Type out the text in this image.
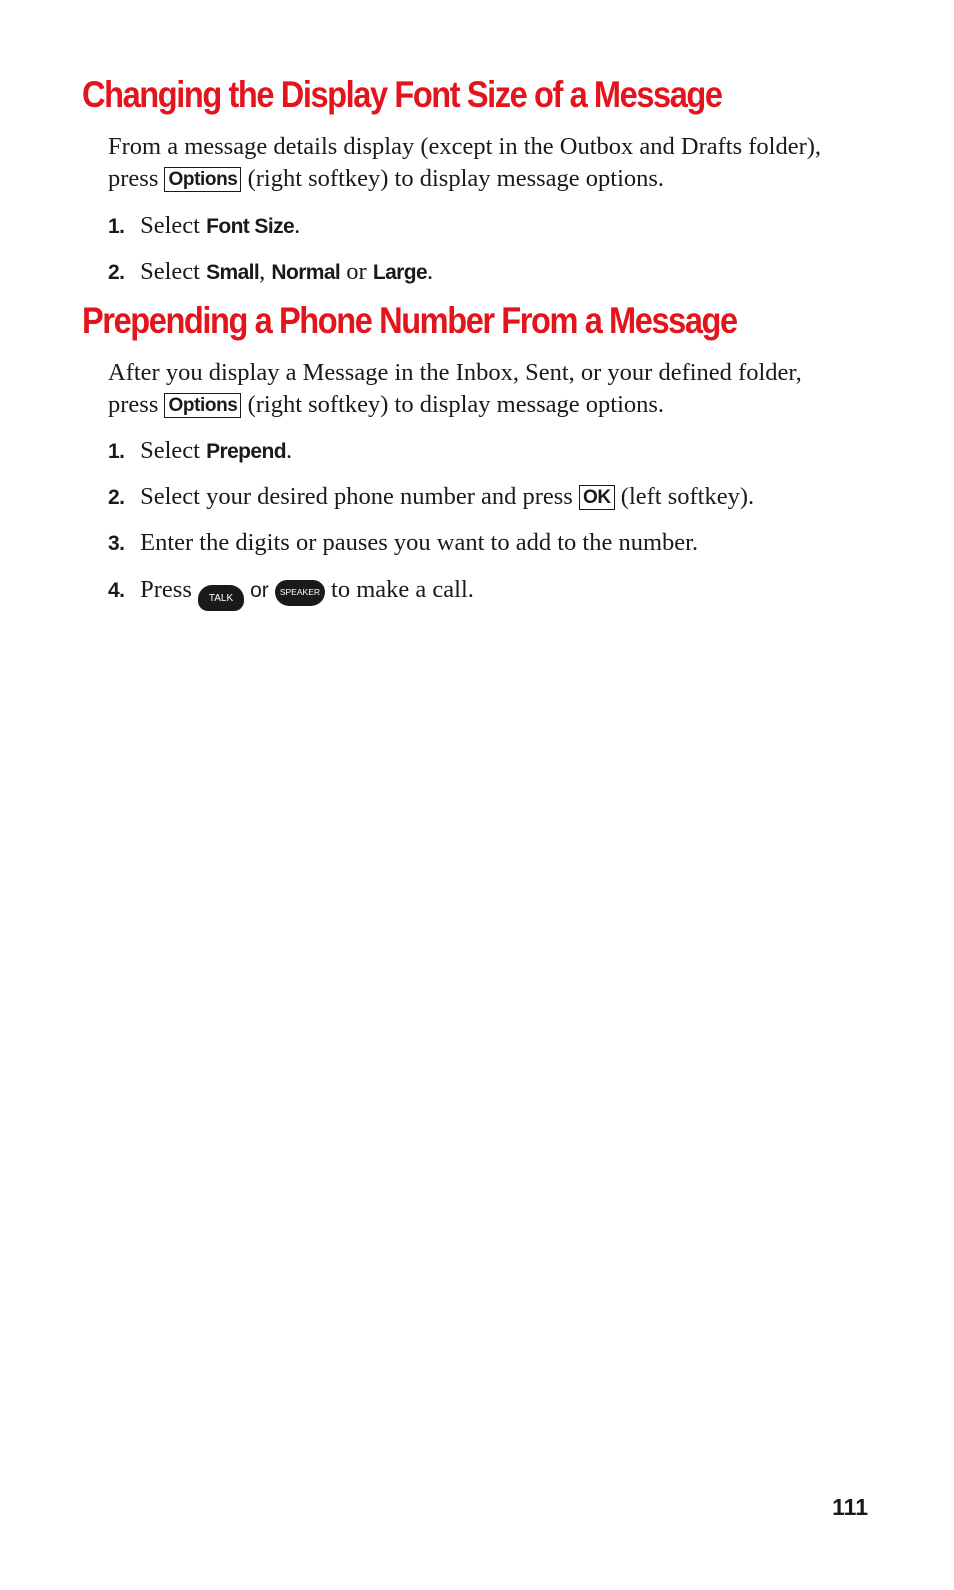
Changing the Display Font Size of a Message

From a message details display (except in the Outbox and Drafts folder), press Options (right softkey) to display message options.

1. Select Font Size.
2. Select Small, Normal or Large.
Prepending a Phone Number From a Message

After you display a Message in the Inbox, Sent, or your defined folder, press Options (right softkey) to display message options.

1. Select Prepend.
2. Select your desired phone number and press OK (left softkey).
3. Enter the digits or pauses you want to add to the number.
4. Press TALK or SPEAKER to make a call.
111
